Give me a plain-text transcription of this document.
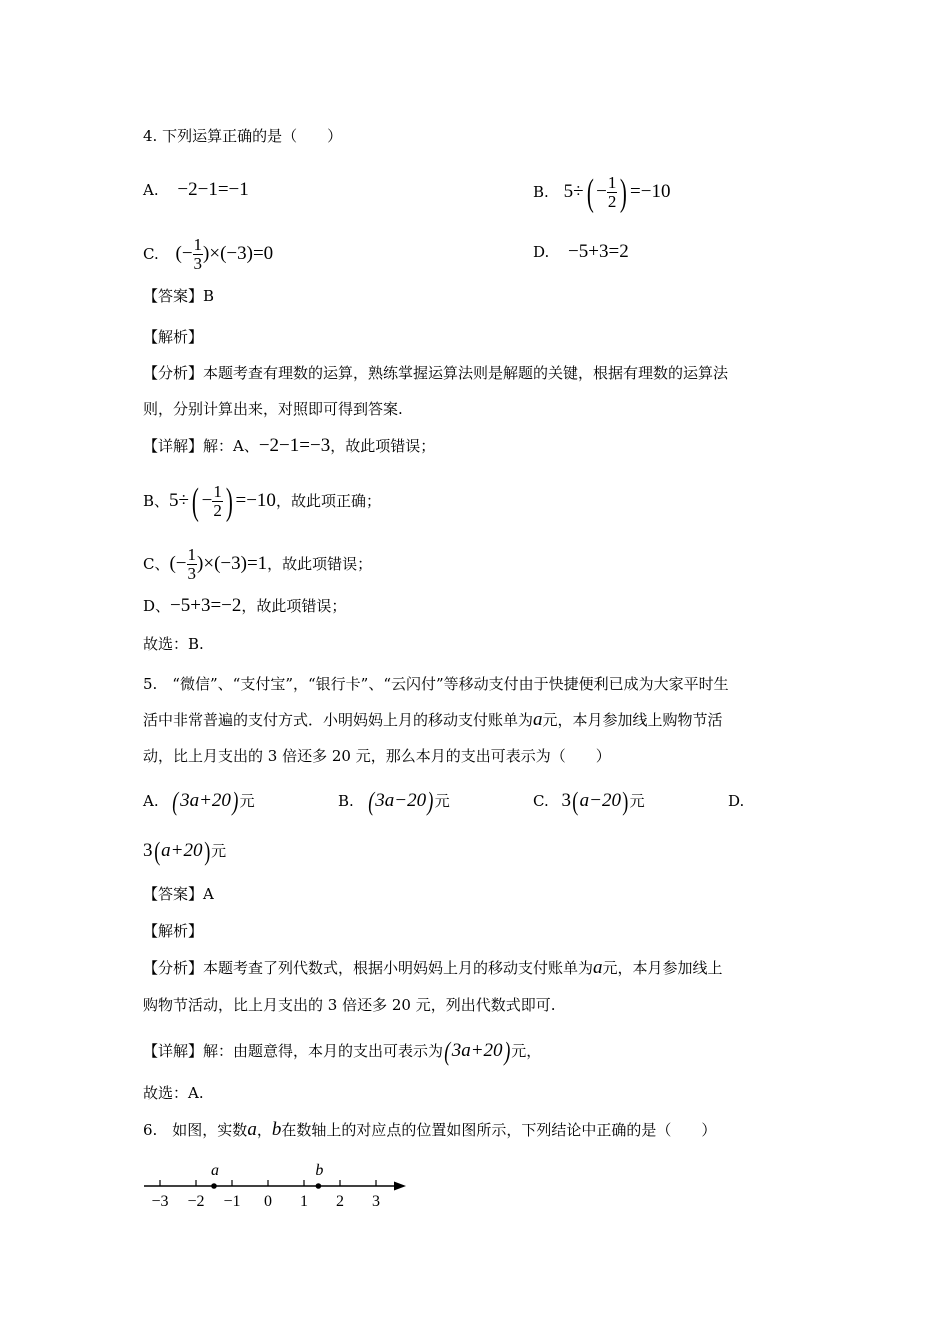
4. 下列运算正确的是（　　）
A. −2−1=−1	B. $5\div( - \frac{1}{2}$ ) =−10
C. (− $\frac{1}{3} )\times(-3)=0$	D. −5+3=2
【答案】B
【解析】
【分析】本题考查有理数的运算，熟练掌握运算法则是解题的关键，根据有理数的运算法
则，分别计算出来，对照即可得到答案.
【详解】解：A、−2−1=−3，故此项错误；
B、$5\div( - \frac{1}{2}$ ) =−10，故此项正确；
C、(− $\frac{1}{3} )\times(-3)=1$，故此项错误；
D、−5+3=−2，故此项错误；
故选：B.
5.　“微信”、“支付宝”，“银行卡”、“云闪付”等移动支付由于快捷便利已成为大家平时生
活中非常普遍的支付方式．小明妈妈上月的移动支付账单为a元，本月参加线上购物节活
动，比上月支出的 3 倍还多 20 元，那么本月的支出可表示为（　　）
A. (3a+20)元	B. (3a−20)元	C. 3(a−20)元	D.
3(a+20)元
【答案】A
【解析】
【分析】本题考查了列代数式，根据小明妈妈上月的移动支付账单为a元，本月参加线上
购物节活动，比上月支出的 3 倍还多 20 元，列出代数式即可.
【详解】解：由题意得，本月的支出可表示为(3a+20)元，
故选：A.
6.　如图，实数a，b在数轴上的对应点的位置如图所示，下列结论中正确的是（　　）
−3 −2 −1 0 1 2 3
a	b
